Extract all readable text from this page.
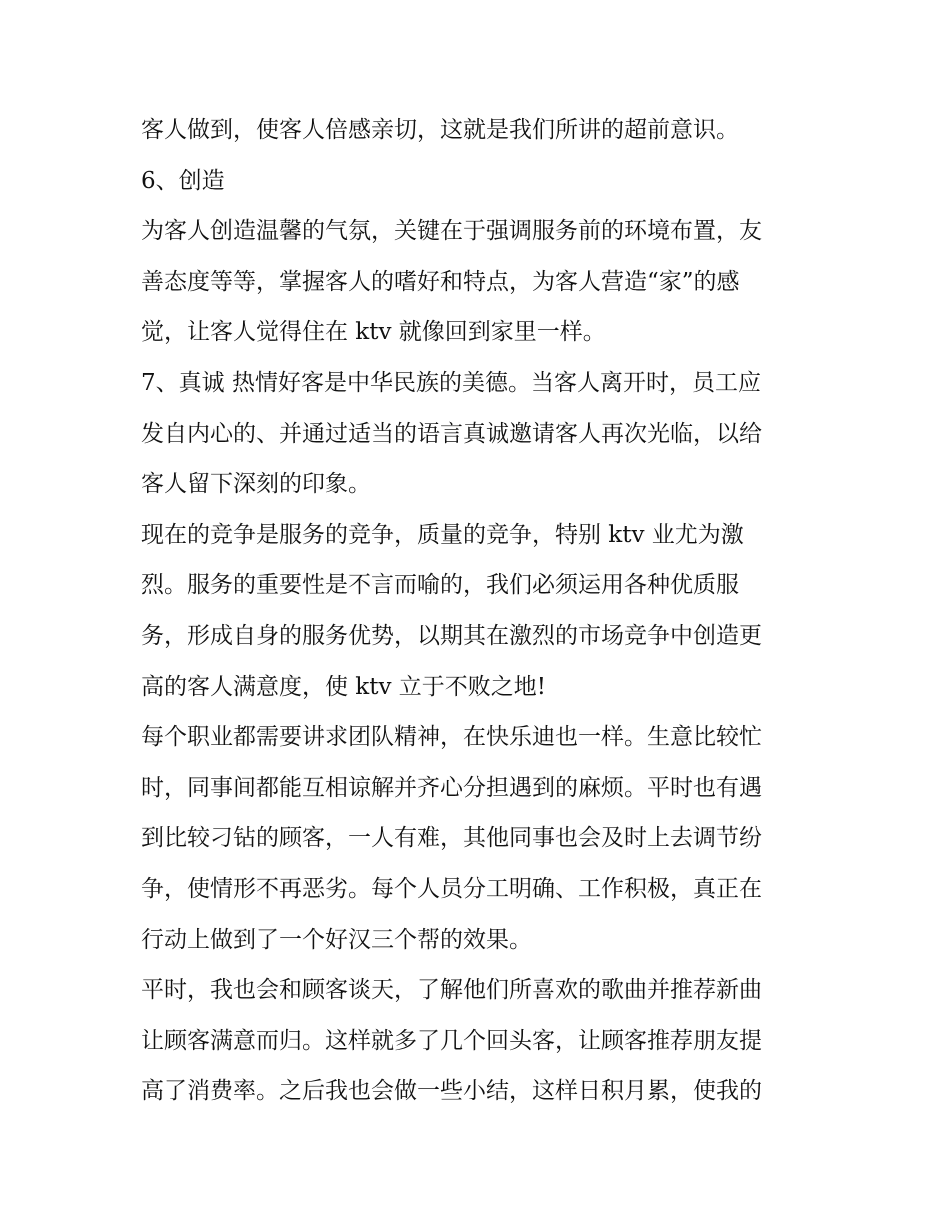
客人做到，使客人倍感亲切，这就是我们所讲的超前意识。
6、创造
为客人创造温馨的气氛，关键在于强调服务前的环境布置，友
善态度等等，掌握客人的嗜好和特点，为客人营造“家”的感
觉，让客人觉得住在 ktv 就像回到家里一样。
7、真诚 热情好客是中华民族的美德。当客人离开时，员工应
发自内心的、并通过适当的语言真诚邀请客人再次光临，以给
客人留下深刻的印象。
现在的竞争是服务的竞争，质量的竞争，特别 ktv 业尤为激
烈。服务的重要性是不言而喻的，我们必须运用各种优质服
务，形成自身的服务优势，以期其在激烈的市场竞争中创造更
高的客人满意度，使 ktv 立于不败之地!
每个职业都需要讲求团队精神，在快乐迪也一样。生意比较忙
时，同事间都能互相谅解并齐心分担遇到的麻烦。平时也有遇
到比较刁钻的顾客，一人有难，其他同事也会及时上去调节纷
争，使情形不再恶劣。每个人员分工明确、工作积极，真正在
行动上做到了一个好汉三个帮的效果。
平时，我也会和顾客谈天，了解他们所喜欢的歌曲并推荐新曲
让顾客满意而归。这样就多了几个回头客，让顾客推荐朋友提
高了消费率。之后我也会做一些小结，这样日积月累，使我的
